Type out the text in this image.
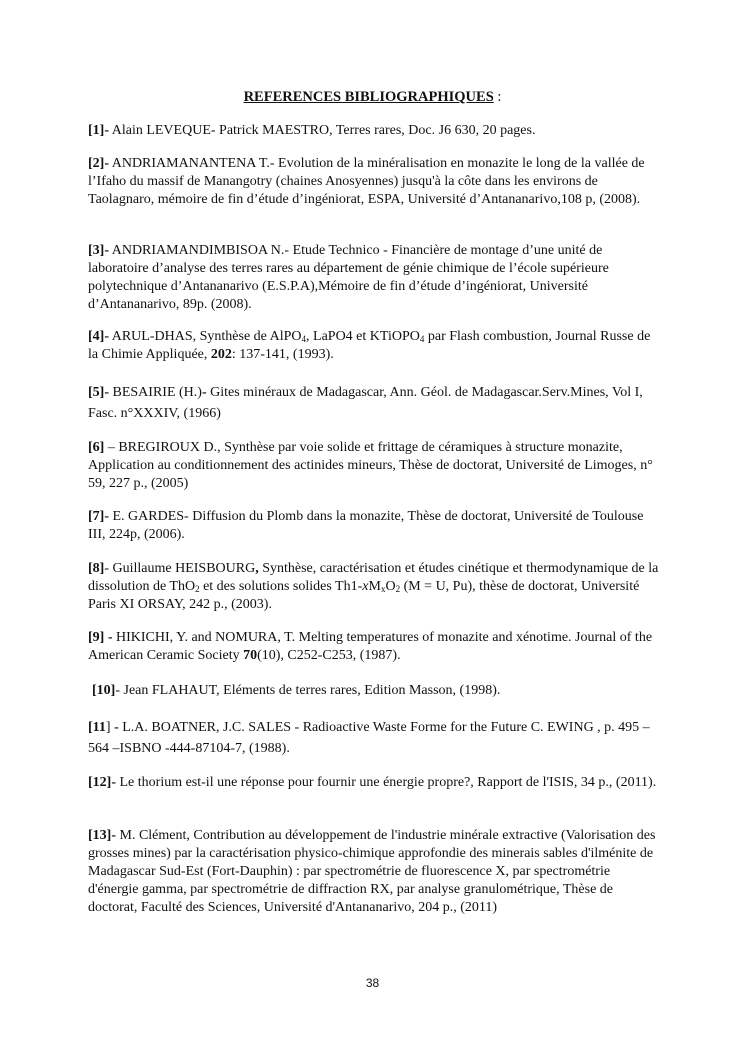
REFERENCES BIBLIOGRAPHIQUES :
[1]- Alain LEVEQUE- Patrick MAESTRO, Terres rares, Doc. J6 630, 20 pages.
[2]- ANDRIAMANANTENA T.- Evolution de la minéralisation en monazite le long de la vallée de l’Ifaho du massif de Manangotry (chaines Anosyennes) jusqu'à la côte dans les environs de Taolagnaro, mémoire de fin d’étude d’ingéniorat, ESPA, Université d’Antananarivo,108 p, (2008).
[3]- ANDRIAMANDIMBISOA N.- Etude Technico - Financière de montage d’une unité de laboratoire d’analyse des terres rares au département de génie chimique de l’école supérieure polytechnique d’Antananarivo (E.S.P.A),Mémoire de fin d’étude d’ingéniorat, Université d’Antananarivo, 89p. (2008).
[4]- ARUL-DHAS, Synthèse de AlPO$_4$, LaPO4 et KTiOPO$_4$ par Flash combustion, Journal Russe de la Chimie Appliquée, 202: 137-141, (1993).
[5]- BESAIRIE (H.)- Gites minéraux de Madagascar, Ann. Géol. de Madagascar.Serv.Mines, Vol I, Fasc. n°XXXIV, (1966)
[6] – BREGIROUX D., Synthèse par voie solide et frittage de céramiques à structure monazite, Application au conditionnement des actinides mineurs, Thèse de doctorat, Université de Limoges, n° 59, 227 p., (2005)
[7]- E. GARDES- Diffusion du Plomb dans la monazite, Thèse de doctorat, Université de Toulouse III, 224p, (2006).
[8]- Guillaume HEISBOURG, Synthèse, caractérisation et études cinétique et thermodynamique de la dissolution de ThO$_2$ et des solutions solides $Th1-xM_xO_2$ (M = U, Pu), thèse de doctorat, Université Paris XI ORSAY, 242 p., (2003).
[9] - HIKICHI, Y. and NOMURA, T. Melting temperatures of monazite and xénotime. Journal of the American Ceramic Society 70(10), C252-C253, (1987).
[10]- Jean FLAHAUT, Eléments de terres rares, Edition Masson, (1998).
[11] - L.A. BOATNER, J.C. SALES - Radioactive Waste Forme for the Future C. EWING , p. 495 – 564 –ISBNO -444-87104-7, (1988).
[12]- Le thorium est-il une réponse pour fournir une énergie propre?, Rapport de l'ISIS, 34 p., (2011).
[13]- M. Clément, Contribution au développement de l'industrie minérale extractive (Valorisation des grosses mines) par la caractérisation physico-chimique approfondie des minerais sables d'ilménite de Madagascar Sud-Est (Fort-Dauphin) : par spectrométrie de fluorescence X, par spectrométrie d'énergie gamma, par spectrométrie de diffraction RX, par analyse granulométrique, Thèse de doctorat, Faculté des Sciences, Université d'Antananarivo, 204 p., (2011)
38
